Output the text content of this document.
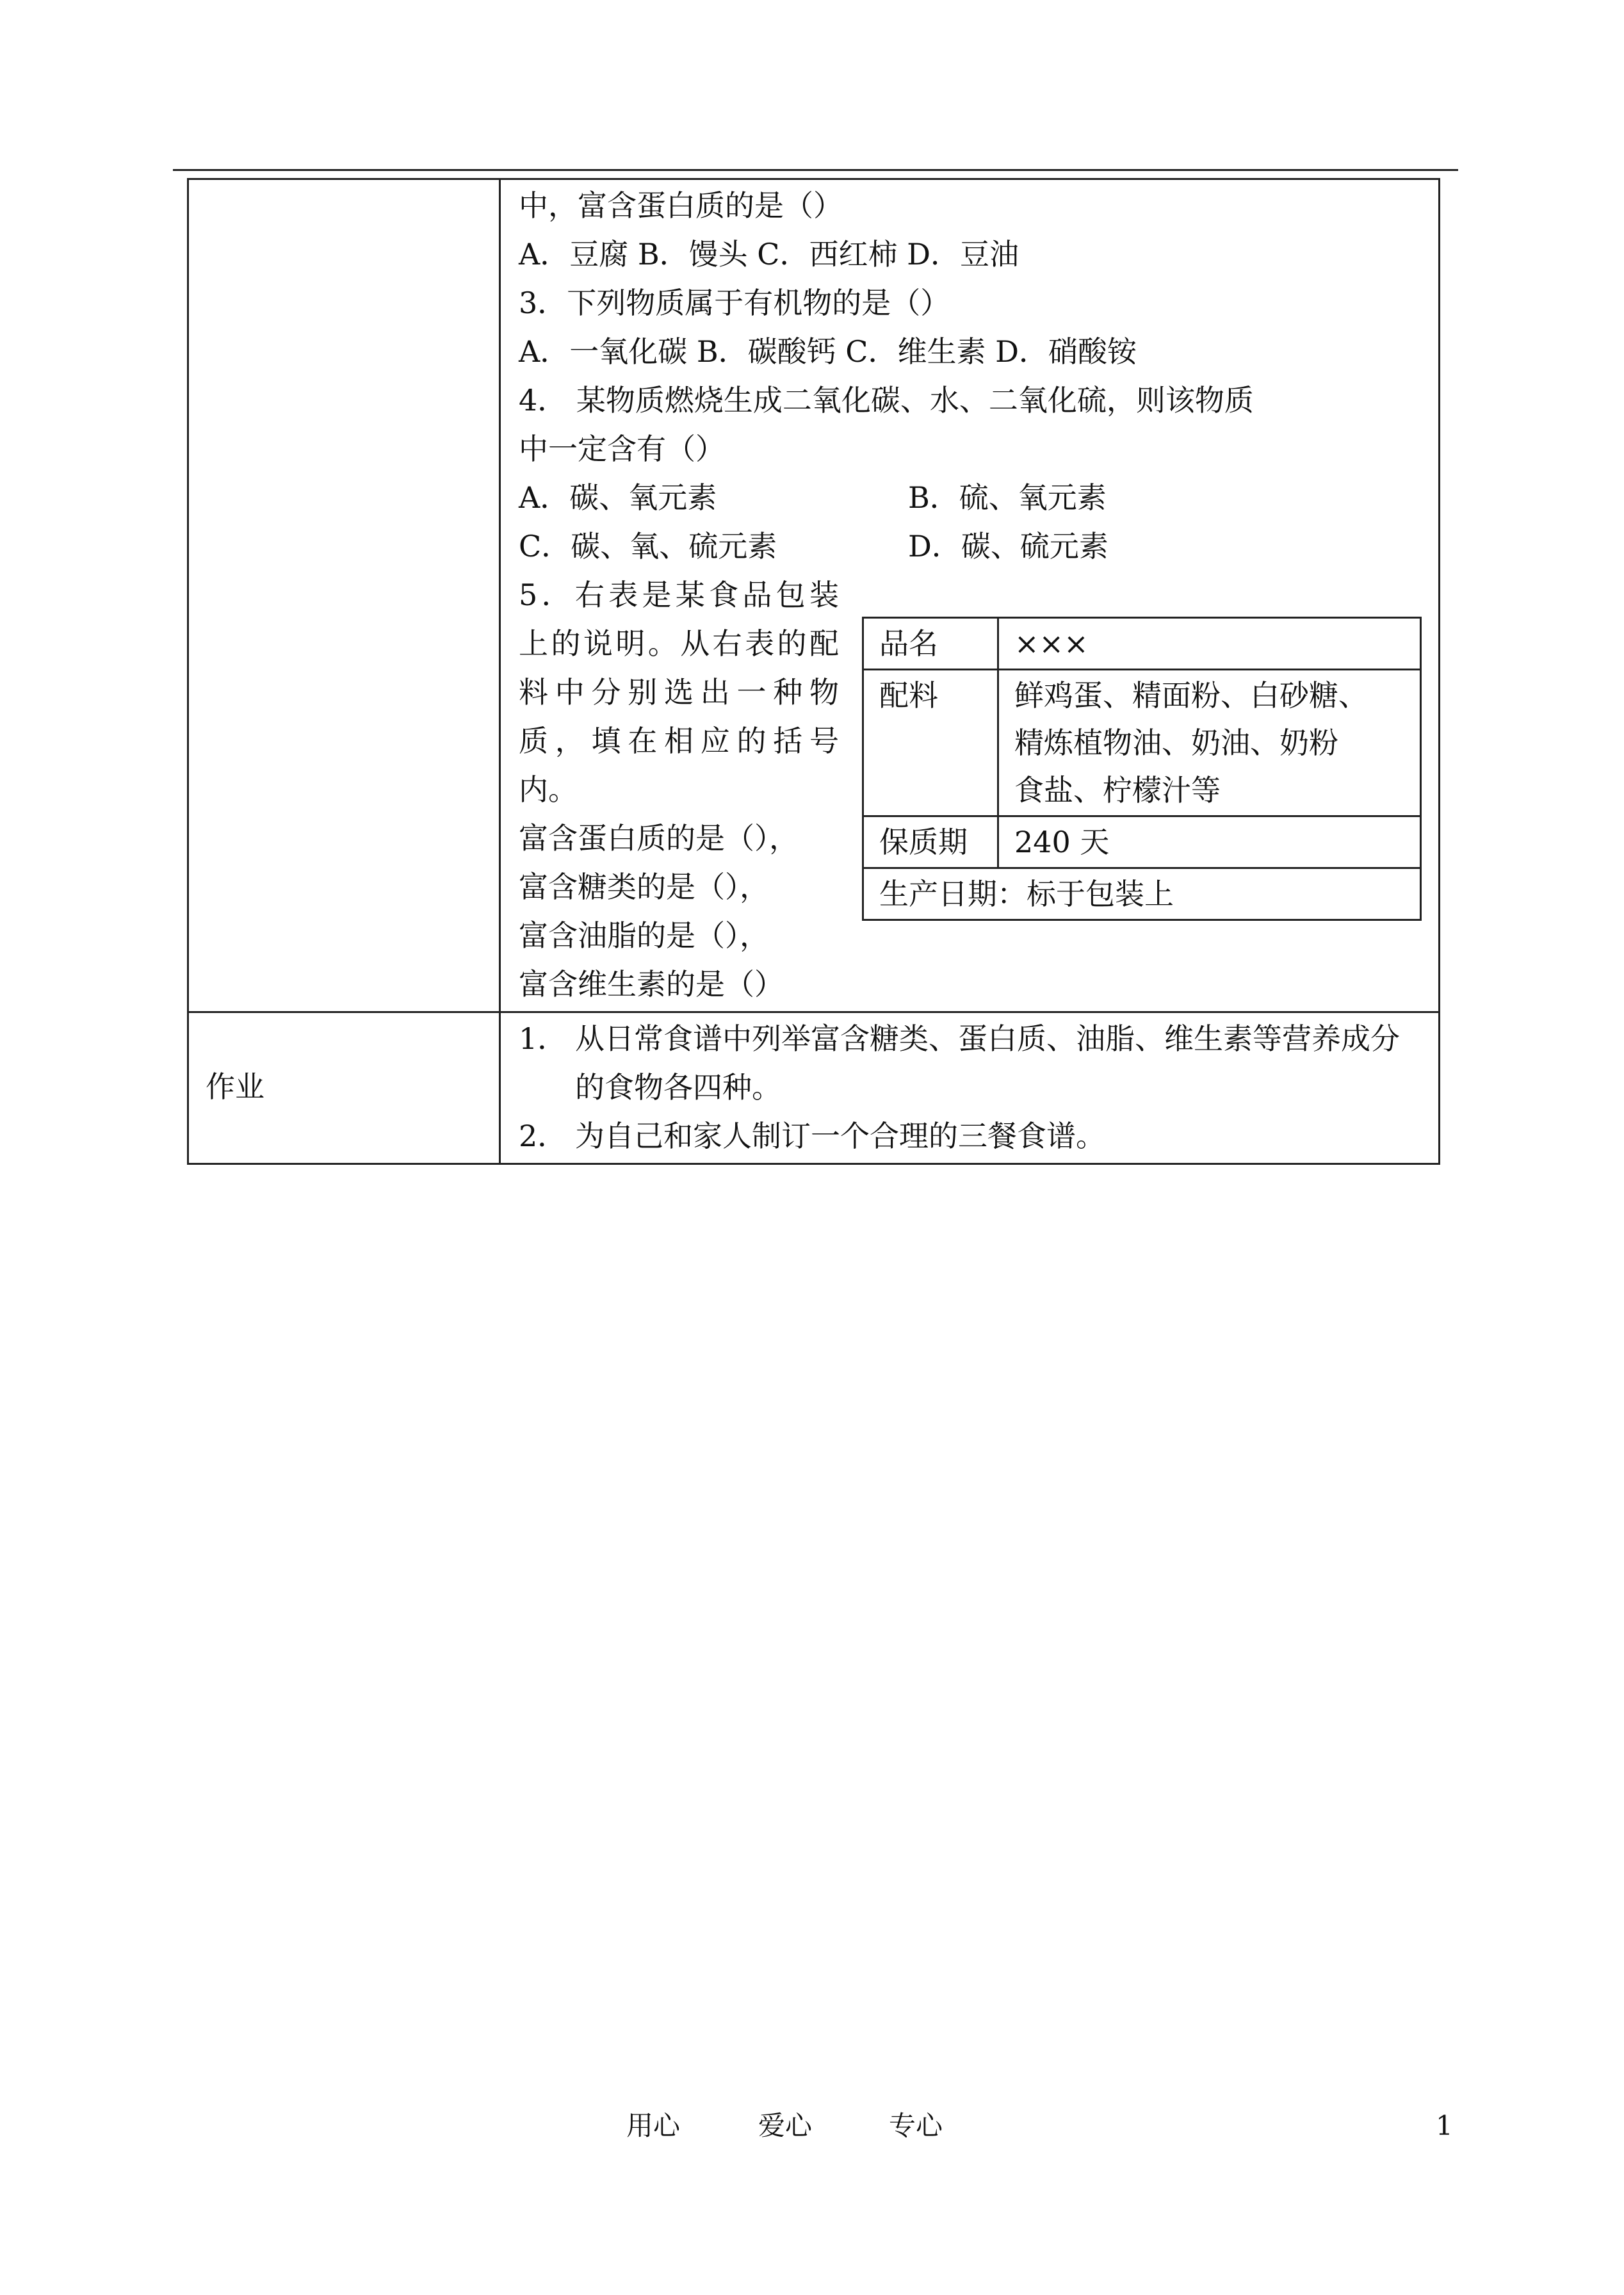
中，富含蛋白质的是（）
A．豆腐 B．馒头 C．西红柿 D．豆油
3．下列物质属于有机物的是（）
A．一氧化碳 B．碳酸钙 C．维生素 D．硝酸铵
4． 某物质燃烧生成二氧化碳、水、二氧化硫，则该物质
中一定含有（）
A．碳、氧元素	B．硫、氧元素
C．碳、氧、硫元素	D．碳、硫元素
5．右表是某食品包装
上的说明。从右表的配
料中分别选出一种物
质，填在相应的括号
内。
富含蛋白质的是（），
富含糖类的是（），
富含油脂的是（），
富含维生素的是（）
品名	×××
配料	鲜鸡蛋、精面粉、白砂糖、
精炼植物油、奶油、奶粉
食盐、柠檬汁等

保质期	240 天
生产日期：标于包装上

作业

1． 从日常食谱中列举富含糖类、蛋白质、油脂、维生素等营养成分的食物各四种。
2． 为自己和家人制订一个合理的三餐食谱。
用心	爱心	专心	1
